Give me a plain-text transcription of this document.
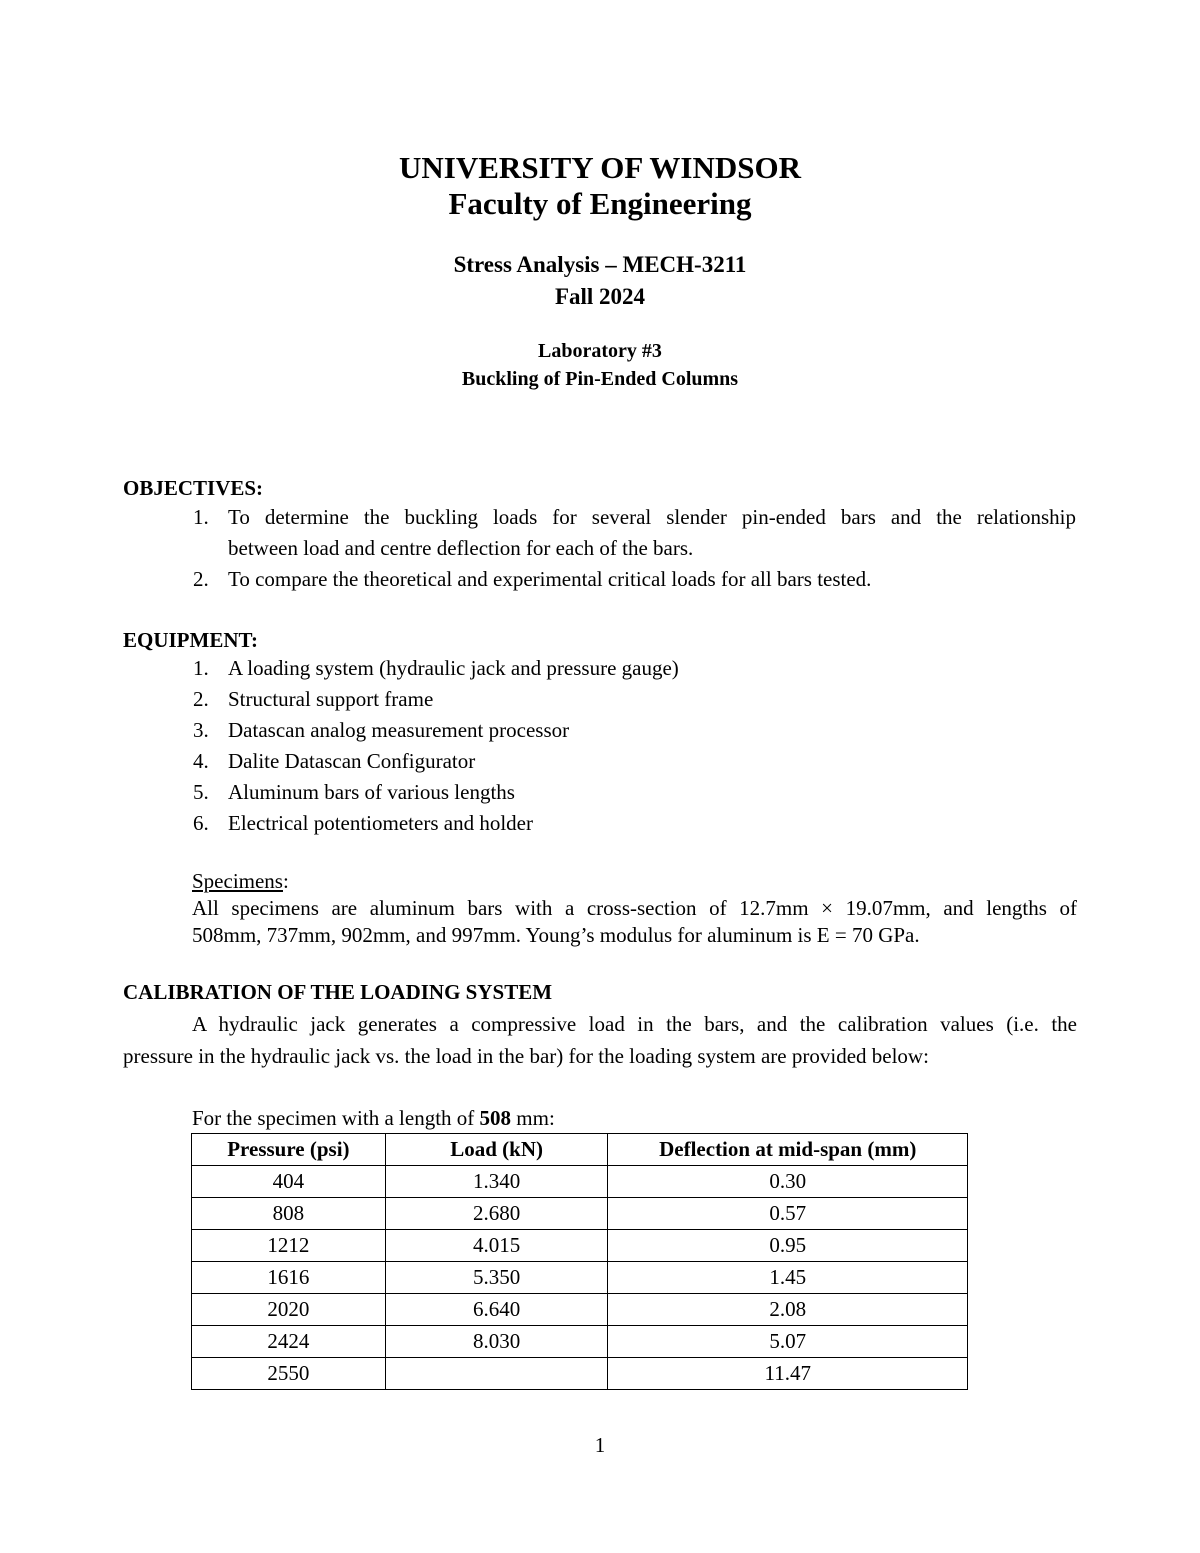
UNIVERSITY OF WINDSOR
Faculty of Engineering
Stress Analysis – MECH-3211
Fall 2024
Laboratory #3
Buckling of Pin-Ended Columns
OBJECTIVES:
1. To determine the buckling loads for several slender pin-ended bars and the relationship
between load and centre deflection for each of the bars.
2. To compare the theoretical and experimental critical loads for all bars tested.
EQUIPMENT:
1. A loading system (hydraulic jack and pressure gauge)
2. Structural support frame
3. Datascan analog measurement processor
4. Dalite Datascan Configurator
5. Aluminum bars of various lengths
6. Electrical potentiometers and holder
Specimens:
All specimens are aluminum bars with a cross-section of 12.7mm × 19.07mm, and lengths of
508mm, 737mm, 902mm, and 997mm. Young’s modulus for aluminum is E = 70 GPa.
CALIBRATION OF THE LOADING SYSTEM
A hydraulic jack generates a compressive load in the bars, and the calibration values (i.e. the
pressure in the hydraulic jack vs. the load in the bar) for the loading system are provided below:
For the specimen with a length of 508 mm:
Pressure (psi)	Load (kN)	Deflection at mid-span (mm)
404	1.340	0.30
808	2.680	0.57
1212	4.015	0.95
1616	5.350	1.45
2020	6.640	2.08
2424	8.030	5.07
2550		11.47
1
